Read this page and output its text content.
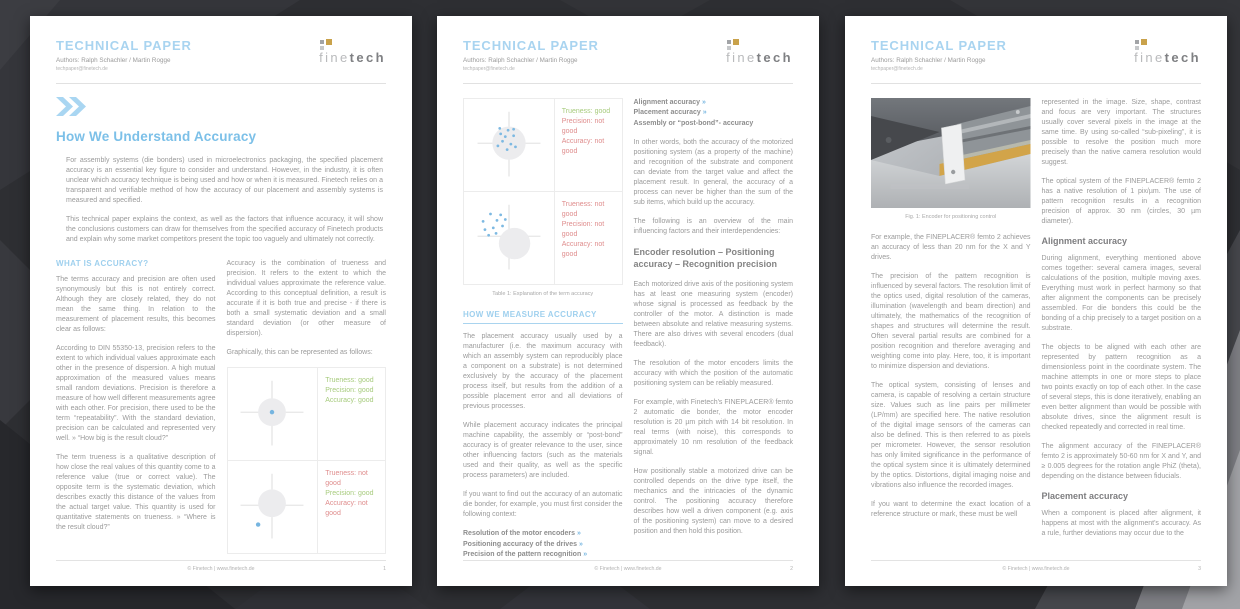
TECHNICAL PAPER
Authors: Ralph Schachler / Martin Rogge
techpaper@finetech.de
finetech
How We Understand Accuracy

For assembly systems (die bonders) used in microelectronics packaging, the specified placement accuracy is an essential key figure to consider and understand. However, in the industry, it is often unclear which accuracy technique is being used and how or when it is measured. Finetech relies on a transparent and verifiable method of how the accuracy of our placement and assembly systems is measured and specified.

This technical paper explains the context, as well as the factors that influence accuracy, it will show the conclusions customers can draw for themselves from the specified accuracy of Finetech products and explain why some market competitors present the topic too vaguely and ultimately not correctly.

WHAT IS ACCURACY?

The terms accuracy and precision are often used synonymously but this is not entirely correct. Although they are closely related, they do not mean the same thing. In relation to the measurement of placement results, this becomes clear as follows:

According to DIN 55350-13, precision refers to the extent to which individual values approximate each other in the presence of dispersion. A high mutual approximation of the measured values means small random deviations. Precision is therefore a measure of how well different measurements agree with each other. For precision, there used to be the term “repeatability”. With the standard deviation, precision can be calculated and represented very well. » “How big is the result cloud?”

The term trueness is a qualitative description of how close the real values of this quantity come to a reference value (true or correct value). The opposite term is the systematic deviation, which describes exactly this distance of the values from the actual target value. This quantity is used for quantitative statements on trueness. » “Where is the result cloud?”

Accuracy is the combination of trueness and precision. It refers to the extent to which the individual values approximate the reference value. According to this conceptual definition, a result is accurate if it is both true and precise - if there is both a small systematic deviation and a small standard deviation (or other measure of dispersion).

Graphically, this can be represented as follows:

Trueness: good
Precision: good
Accuracy: good
Trueness: not good
Precision: good
Accuracy: not good
© Finetech | www.finetech.de	1
TECHNICAL PAPER
Authors: Ralph Schachler / Martin Rogge
techpaper@finetech.de
finetech
Trueness: good
Precision: not good
Accuracy: not good
Trueness: not good
Precision: not good
Accuracy: not good
Table 1: Explanation of the term accuracy
HOW WE MEASURE ACCURACY

The placement accuracy usually used by a manufacturer (i.e. the maximum accuracy with which an assembly system can reproducibly place a component on a substrate) is not determined exclusively by the accuracy of the placement process itself, but results from the addition of a possible placement error and all deviations of previous processes.

While placement accuracy indicates the principal machine capability, the assembly or “post-bond” accuracy is of greater relevance to the user, since other influencing factors (such as the materials used and their quality, as well as the specific process parameters) are included.

If you want to find out the accuracy of an automatic die bonder, for example, you must first consider the following context:

Resolution of the motor encoders »
Positioning accuracy of the drives »
Precision of the pattern recognition »
Alignment accuracy »
Placement accuracy »
Assembly or “post-bond”- accuracy

In other words, both the accuracy of the motorized positioning system (as a property of the machine) and recognition of the substrate and component can deviate from the target value and affect the placement result. In general, the accuracy of a process can never be higher than the sum of the sub items, which build up the accuracy.

The following is an overview of the main influencing factors and their interdependencies:

Encoder resolution – Positioning accuracy – Recognition precision

Each motorized drive axis of the positioning system has at least one measuring system (encoder) whose signal is processed as feedback by the controller of the motor. A distinction is made between absolute and relative measuring systems. There are also drives with several encoders (dual feedback).

The resolution of the motor encoders limits the accuracy with which the position of the automatic positioning system can be reliably measured.

For example, with Finetech's FINEPLACER® femto 2 automatic die bonder, the motor encoder resolution is 20 µm pitch with 14 bit resolution. In real terms (with noise), this corresponds to approximately 10 nm resolution of the feedback signal.

How positionally stable a motorized drive can be controlled depends on the drive type itself, the mechanics and the intricacies of the dynamic control. The positioning accuracy therefore describes how well a driven component (e.g. axis of the positioning system) can move to a desired position and then hold this position.

© Finetech | www.finetech.de	2
TECHNICAL PAPER
Authors: Ralph Schachler / Martin Rogge
techpaper@finetech.de
finetech
Fig. 1: Encoder for positioning control

For example, the FINEPLACER® femto 2 achieves an accuracy of less than 20 nm for the X and Y drives.

The precision of the pattern recognition is influenced by several factors. The resolution limit of the optics used, digital resolution of the cameras, illumination (wavelength and beam direction) and ultimately, the mathematics of the recognition of shapes and structures will determine the result. Often several partial results are combined for a position recognition and therefore averaging and weighting come into play. Here, too, it is important to minimize dispersion and deviations.

The optical system, consisting of lenses and camera, is capable of resolving a certain structure size. Values such as line pairs per millimeter (LP/mm) are specified here. The native resolution of the digital image sensors of the cameras can also be defined. This is then referred to as pixels per micrometer. However, the sensor resolution has only limited significance in the performance of the optical system since it is ultimately determined by the optics. Distortions, digital imaging noise and vibrations also influence the recorded images.

If you want to determine the exact location of a reference structure or mark, these must be well

represented in the image. Size, shape, contrast and focus are very important. The structures usually cover several pixels in the image at the same time. By using so-called “sub-pixeling”, it is possible to resolve the position much more precisely than the native camera resolution would suggest.

The optical system of the FINEPLACER® femto 2 has a native resolution of 1 pix/µm. The use of pattern recognition results in a recognition precision of approx. 30 nm (circles, 30 µm diameter).

Alignment accuracy

During alignment, everything mentioned above comes together: several camera images, several calculations of the position, multiple moving axes. Everything must work in perfect harmony so that after alignment the components can be precisely assembled. For die bonders this could be the bonding of a chip precisely to a target position on a substrate.

The objects to be aligned with each other are represented by pattern recognition as a dimensionless point in the coordinate system. The machine attempts in one or more steps to place two points exactly on top of each other. In the case of several steps, this is done iteratively, enabling an even better alignment than would be possible with absolute drives, since the alignment result is checked repeatedly and corrected in real time.

The alignment accuracy of the FINEPLACER® femto 2 is approximately 50-60 nm for X and Y, and ≥ 0.005 degrees for the rotation angle PhiZ (theta), depending on the distance between fiducials.

Placement accuracy

When a component is placed after alignment, it happens at most with the alignment's accuracy. As a rule, further deviations may occur due to the

© Finetech | www.finetech.de	3
